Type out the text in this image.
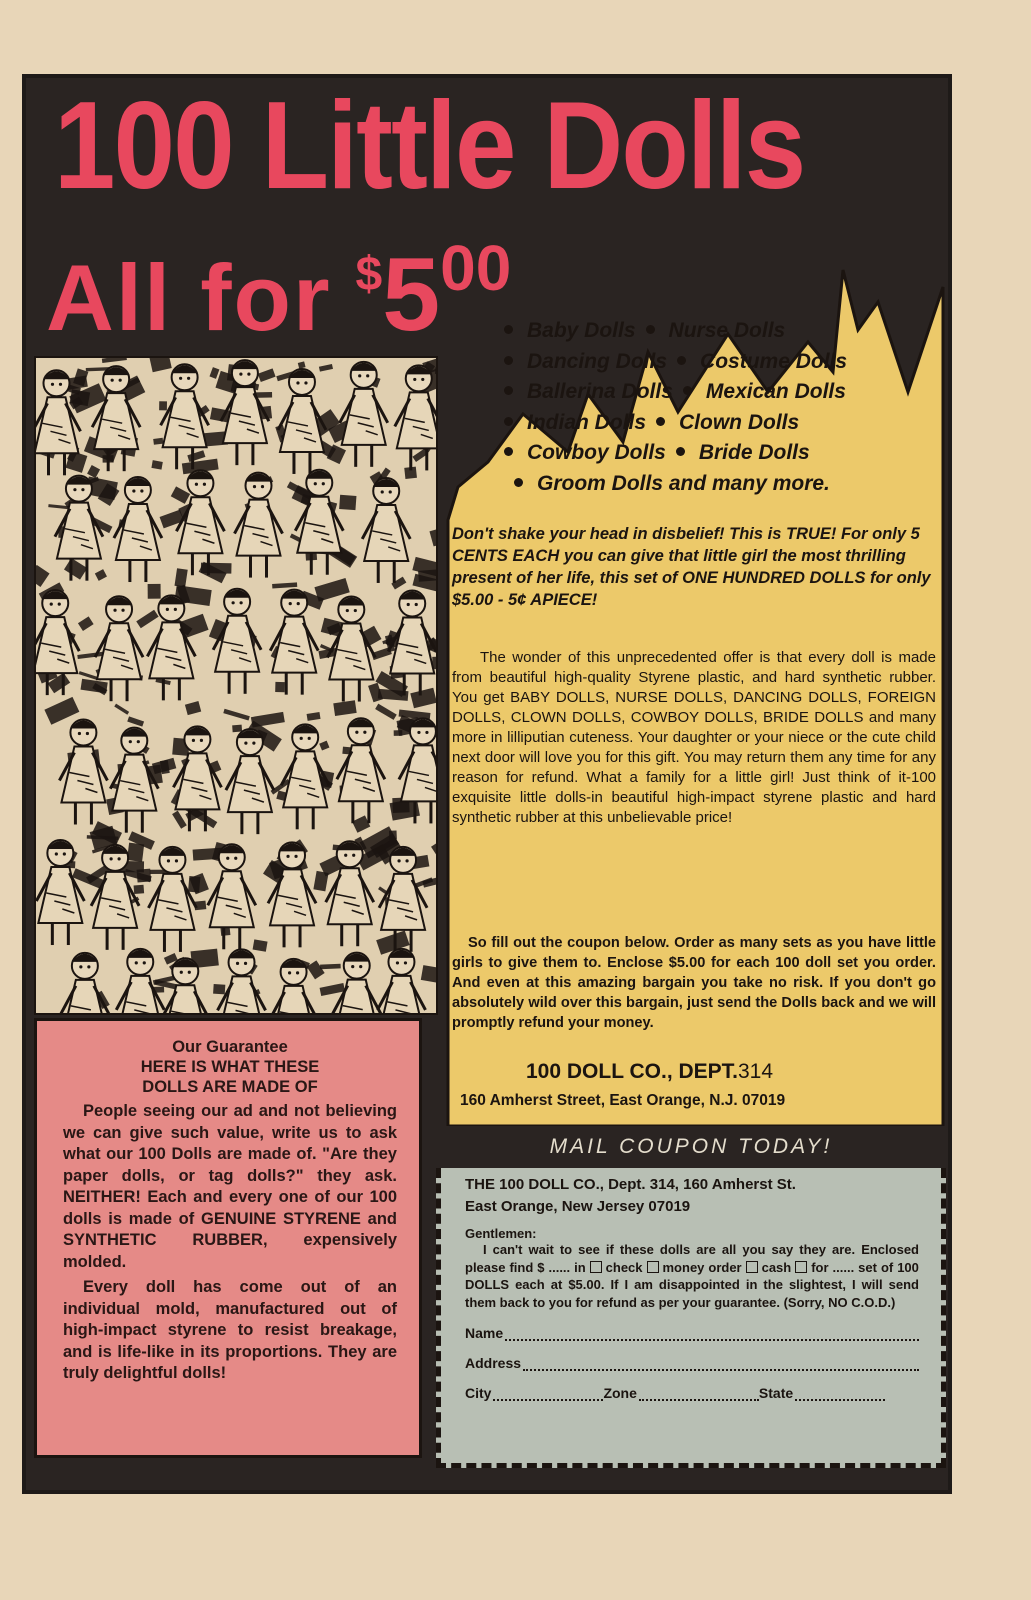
100 Little Dolls
All for $500
Baby Dolls Nurse Dolls
Dancing Dolls Costume Dolls
Ballerina Dolls Mexican Dolls
Indian Dolls Clown Dolls
Cowboy Dolls Bride Dolls
Groom Dolls and many more.
Don't shake your head in disbelief! This is TRUE! For only 5 CENTS EACH you can give that little girl the most thrilling present of her life, this set of ONE HUNDRED DOLLS for only $5.00 - 5¢ APIECE!

The wonder of this unprecedented offer is that every doll is made from beautiful high-quality Styrene plastic, and hard synthetic rubber. You get BABY DOLLS, NURSE DOLLS, DANCING DOLLS, FOREIGN DOLLS, CLOWN DOLLS, COWBOY DOLLS, BRIDE DOLLS and many more in lilliputian cuteness. Your daughter or your niece or the cute child next door will love you for this gift. You may return them any time for any reason for refund. What a family for a little girl! Just think of it-100 exquisite little dolls-in beautiful high-impact styrene plastic and hard synthetic rubber at this unbelievable price!

So fill out the coupon below. Order as many sets as you have little girls to give them to. Enclose $5.00 for each 100 doll set you order. And even at this amazing bargain you take no risk. If you don't go absolutely wild over this bargain, just send the Dolls back and we will promptly refund your money.

100 DOLL CO., DEPT.314
160 Amherst Street, East Orange, N.J. 07019
Our Guarantee
HERE IS WHAT THESE
DOLLS ARE MADE OF

People seeing our ad and not believing we can give such value, write us to ask what our 100 Dolls are made of. "Are they paper dolls, or tag dolls?" they ask. NEITHER! Each and every one of our 100 dolls is made of GENUINE STYRENE and SYNTHETIC RUBBER, expensively molded.

Every doll has come out of an individual mold, manufactured out of high-impact styrene to resist breakage, and is life-like in its proportions. They are truly delightful dolls!

MAIL COUPON TODAY!
THE 100 DOLL CO., Dept. 314, 160 Amherst St.
East Orange, New Jersey 07019
Gentlemen:
I can't wait to see if these dolls are all you say they are. Enclosed please find $ ...... in check money order cash for ...... set of 100 DOLLS each at $5.00. If I am disappointed in the slightest, I will send them back to you for refund as per your guarantee. (Sorry, NO C.O.D.)
Name
Address
City	Zone	State
